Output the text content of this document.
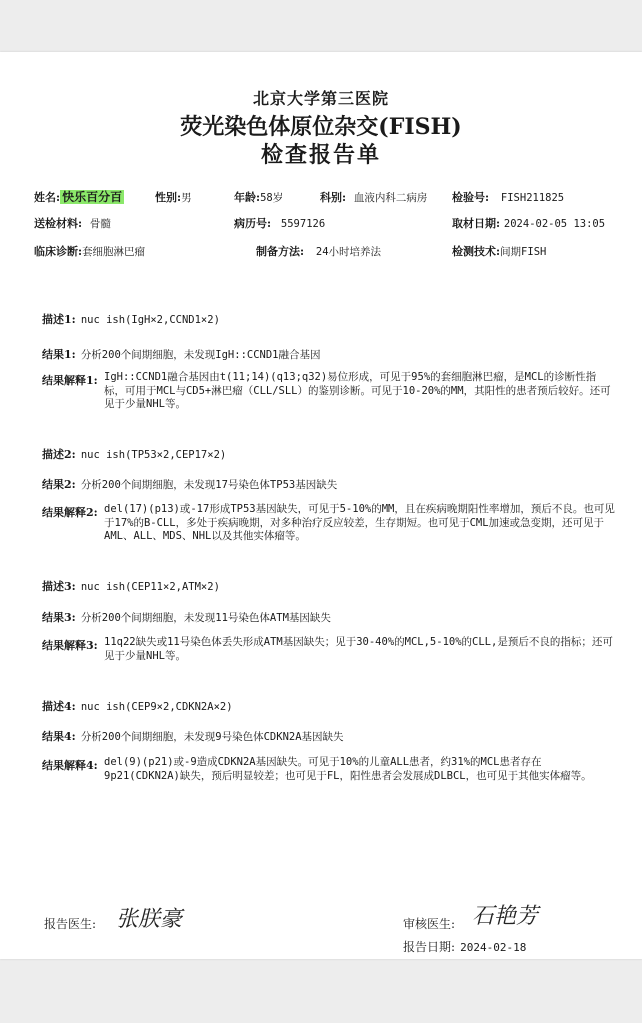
北京大学第三医院
荧光染色体原位杂交(FISH)
检查报告单
姓名: 快乐百分百	性别:男	年龄:58岁	科别: 血液内科二病房 检验号: FISH211825
送检材料: 骨髓	病历号: 5597126	取材日期: 2024-02-05 13:05
临床诊断:套细胞淋巴瘤	制备方法: 24小时培养法	检测技术:间期FISH
描述1: nuc ish(IgH×2,CCND1×2)
结果1: 分析200个间期细胞，未发现IgH::CCND1融合基因
结果解释1: IgH::CCND1融合基因由t(11;14)(q13;q32)易位形成，可见于95%的套细胞淋巴瘤，是MCL的诊断性指标，可用于MCL与CD5+淋巴瘤（CLL/SLL）的鉴别诊断。可见于10-20%的MM，其阳性的患者预后较好。还可见于少量NHL等。
描述2: nuc ish(TP53×2,CEP17×2)
结果2: 分析200个间期细胞，未发现17号染色体TP53基因缺失
结果解释2: del(17)(p13)或-17形成TP53基因缺失，可见于5-10%的MM，且在疾病晚期阳性率增加，预后不良。也可见于17%的B-CLL，多处于疾病晚期，对多种治疗反应较差，生存期短。也可见于CML加速或急变期，还可见于AML、ALL、MDS、NHL以及其他实体瘤等。
描述3: nuc ish(CEP11×2,ATM×2)
结果3: 分析200个间期细胞，未发现11号染色体ATM基因缺失
结果解释3: 11q22缺失或11号染色体丢失形成ATM基因缺失；见于30-40%的MCL,5-10%的CLL,是预后不良的指标；还可见于少量NHL等。
描述4: nuc ish(CEP9×2,CDKN2A×2)
结果4: 分析200个间期细胞，未发现9号染色体CDKN2A基因缺失
结果解释4: del(9)(p21)或-9造成CDKN2A基因缺失。可见于10%的儿童ALL患者，约31%的MCL患者存在9p21(CDKN2A)缺失，预后明显较差；也可见于FL，阳性患者会发展成DLBCL，也可见于其他实体瘤等。
报告医生: 张朕豪	审核医生: 石艳芳
报告日期: 2024-02-18
